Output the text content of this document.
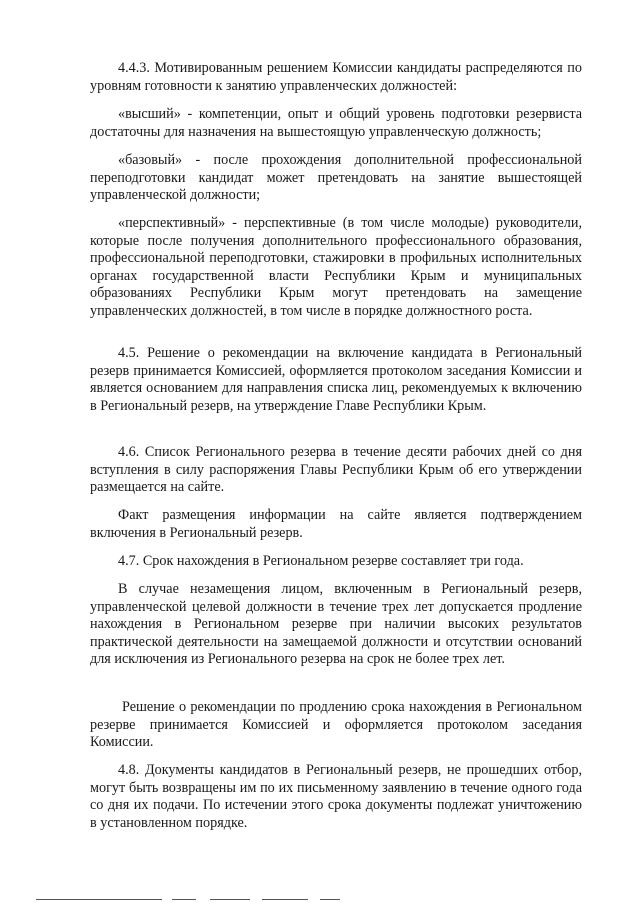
4.4.3. Мотивированным решением Комиссии кандидаты распределяются по уровням готовности к занятию управленческих должностей:

«высший» - компетенции, опыт и общий уровень подготовки резервиста достаточны для назначения на вышестоящую управленческую должность;

«базовый» - после прохождения дополнительной профессиональной переподготовки кандидат может претендовать на занятие вышестоящей управленческой должности;

«перспективный» - перспективные (в том числе молодые) руководители, которые после получения дополнительного профессионального образования, профессиональной переподготовки, стажировки в профильных исполнительных органах государственной власти Республики Крым и муниципальных образованиях Республики Крым могут претендовать на замещение управленческих должностей, в том числе в порядке должностного роста.

4.5. Решение о рекомендации на включение кандидата в Региональный резерв принимается Комиссией, оформляется протоколом заседания Комиссии и является основанием для направления списка лиц, рекомендуемых к включению в Региональный резерв, на утверждение Главе Республики Крым.

4.6. Список Регионального резерва в течение десяти рабочих дней со дня вступления в силу распоряжения Главы Республики Крым об его утверждении размещается на сайте.

Факт размещения информации на сайте является подтверждением включения в Региональный резерв.

4.7. Срок нахождения в Региональном резерве составляет три года.

В случае незамещения лицом, включенным в Региональный резерв, управленческой целевой должности в течение трех лет допускается продление нахождения в Региональном резерве при наличии высоких результатов практической деятельности на замещаемой должности и отсутствии оснований для исключения из Регионального резерва на срок не более трех лет.

Решение о рекомендации по продлению срока нахождения в Региональном резерве принимается Комиссией и оформляется протоколом заседания Комиссии.

4.8. Документы кандидатов в Региональный резерв, не прошедших отбор, могут быть возвращены им по их письменному заявлению в течение одного года со дня их подачи. По истечении этого срока документы подлежат уничтожению в установленном порядке.
